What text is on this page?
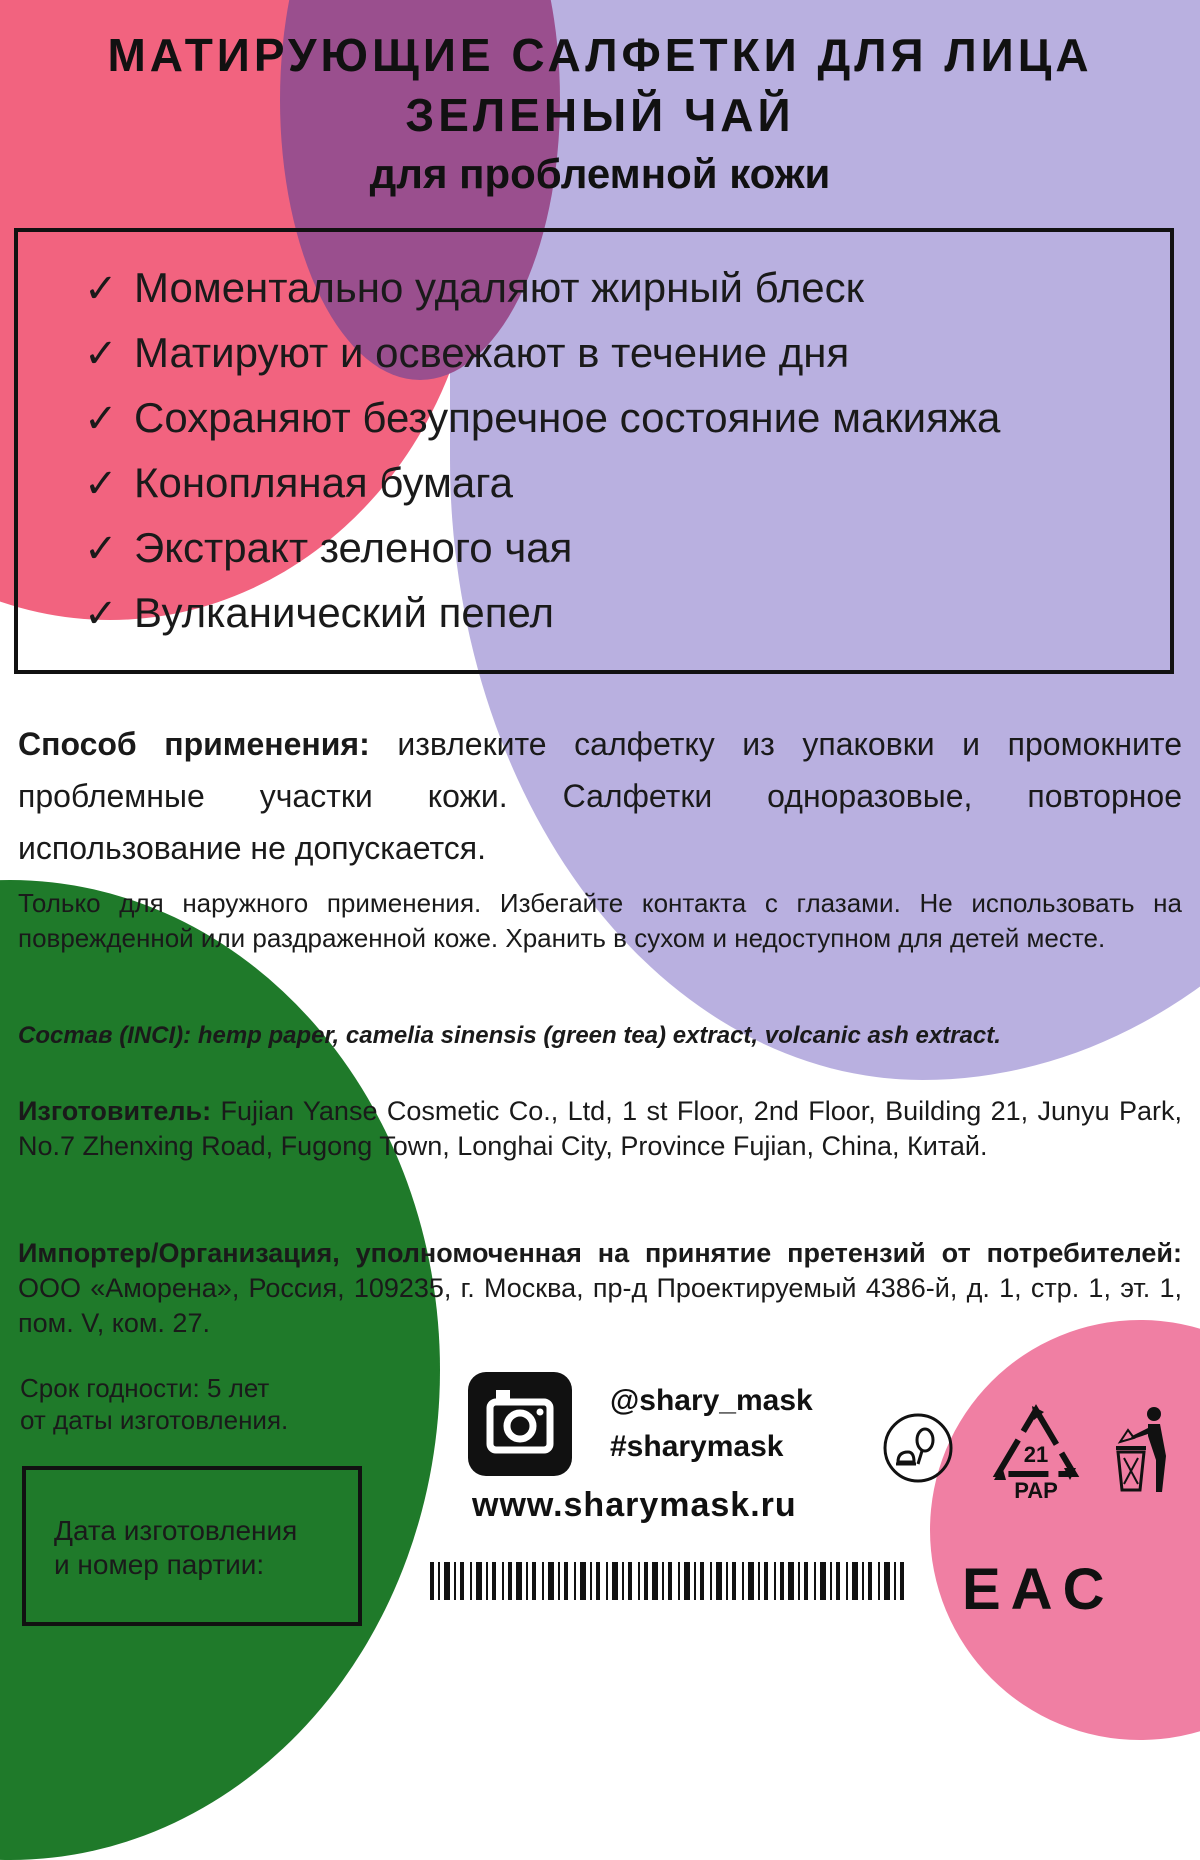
МАТИРУЮЩИЕ САЛФЕТКИ ДЛЯ ЛИЦА
ЗЕЛЕНЫЙ ЧАЙ
для проблемной кожи
✓ Моментально удаляют жирный блеск
✓ Матируют и освежают в течение дня
✓ Сохраняют безупречное состояние макияжа
✓ Конопляная бумага
✓ Экстракт зеленого чая
✓ Вулканический пепел
Способ применения: извлеките салфетку из упаковки и промокните проблемные участки кожи. Салфетки одноразовые, повторное использование не допускается.
Только для наружного применения. Избегайте контакта с глазами. Не использовать на поврежденной или раздраженной коже. Хранить в сухом и недоступном для детей месте.
Состав (INCI): hemp paper, camelia sinensis (green tea) extract, volcanic ash extract.
Изготовитель: Fujian Yanse Cosmetic Co., Ltd, 1 st Floor, 2nd Floor, Building 21, Junyu Park, No.7 Zhenxing Road, Fugong Town, Longhai City, Province Fujian, China, Китай.
Импортер/Организация, уполномоченная на принятие претензий от потребителей: ООО «Аморена», Россия, 109235, г. Москва, пр-д Проектируемый 4386-й, д. 1, стр. 1, эт. 1, пом. V, ком. 27.
Срок годности: 5 лет
от даты изготовления.
Дата изготовления
и номер партии:
@shary_mask
#sharymask
www.sharymask.ru
21
PAP
EAC
